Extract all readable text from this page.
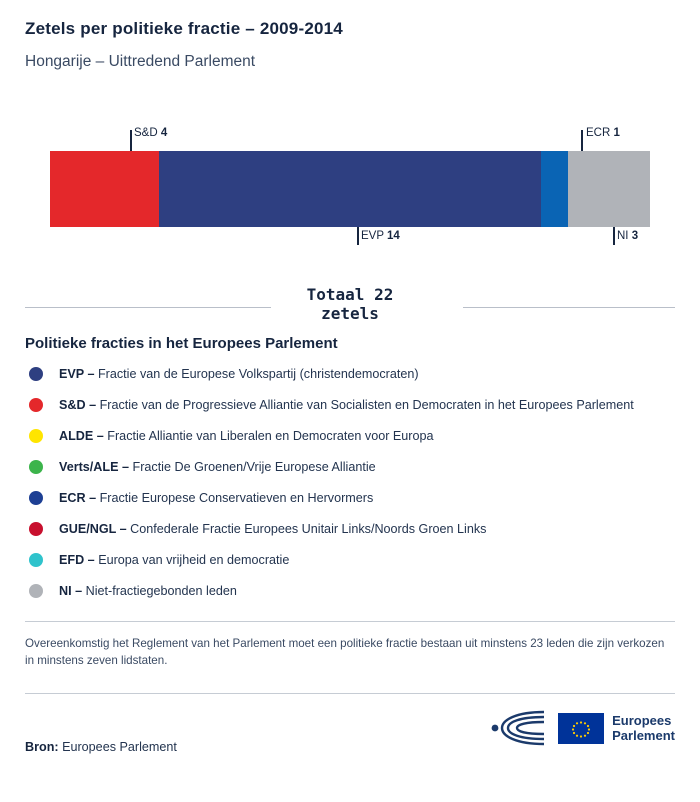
Zetels per politieke fractie – 2009-2014
Hongarije – Uittredend Parlement
S&D 4	ECR 1
EVP 14	NI 3
Totaal 22
zetels
Politieke fracties in het Europees Parlement
EVP – Fractie van de Europese Volkspartij (christendemocraten)
S&D – Fractie van de Progressieve Alliantie van Socialisten en Democraten in het Europees Parlement
ALDE – Fractie Alliantie van Liberalen en Democraten voor Europa
Verts/ALE – Fractie De Groenen/Vrije Europese Alliantie
ECR – Fractie Europese Conservatieven en Hervormers
GUE/NGL – Confederale Fractie Europees Unitair Links/Noords Groen Links
EFD – Europa van vrijheid en democratie
NI – Niet-fractiegebonden leden
Overeenkomstig het Reglement van het Parlement moet een politieke fractie bestaan uit minstens 23 leden die zijn verkozen in minstens zeven lidstaten.
Bron: Europees Parlement
Europees
Parlement
